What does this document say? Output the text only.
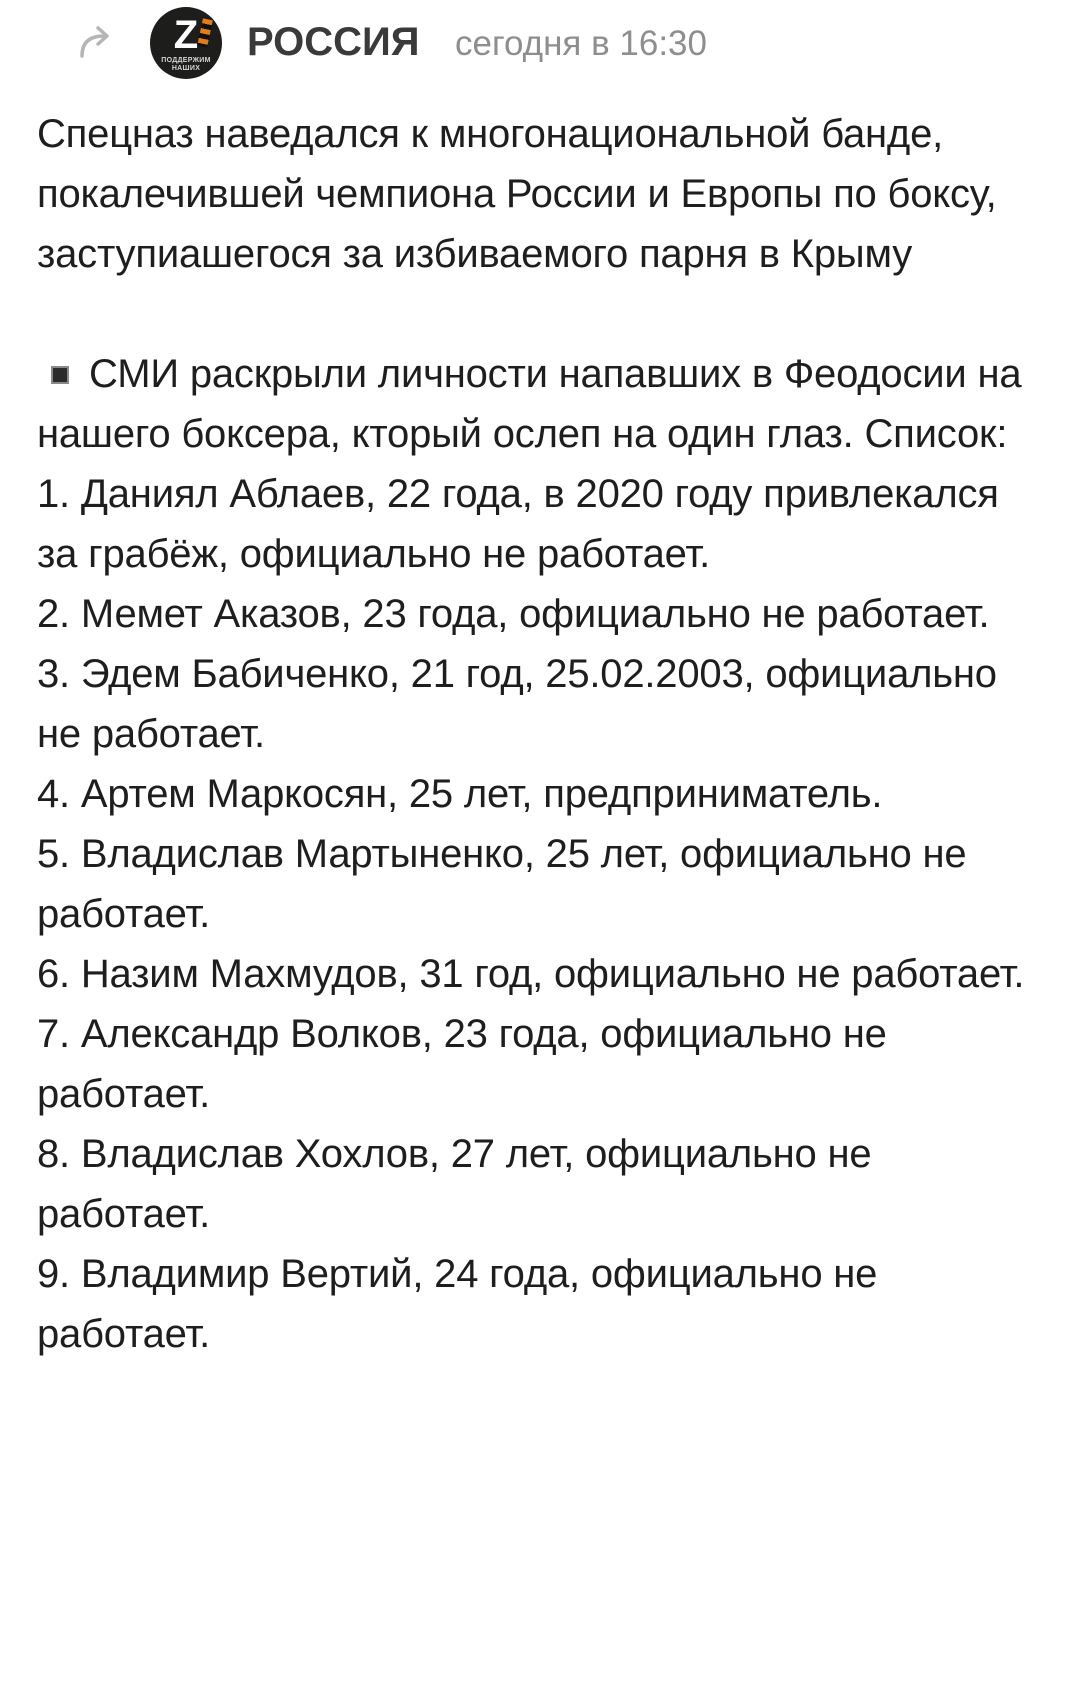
Z
ПОДДЕРЖИМ НАШИХ
РОССИЯ сегодня в 16:30

Спецназ наведался к многонациональной банде, покалечившей чемпиона России и Европы по боксу, заступиашегося за избиваемого парня в Крыму

СМИ раскрыли личности напавших в Феодосии на нашего боксера, кторый ослеп на один глаз. Список:

1. Даниял Аблаев, 22 года, в 2020 году привлекался за грабёж, официально не работает.

2. Мемет Аказов, 23 года, официально не работает.

3. Эдем Бабиченко, 21 год, 25.02.2003, официально не работает.

4. Артем Маркосян, 25 лет, предприниматель.

5. Владислав Мартыненко, 25 лет, официально не работает.

6. Назим Махмудов, 31 год, официально не работает.

7. Александр Волков, 23 года, официально не работает.

8. Владислав Хохлов, 27 лет, официально не работает.

9. Владимир Вертий, 24 года, официально не работает.
